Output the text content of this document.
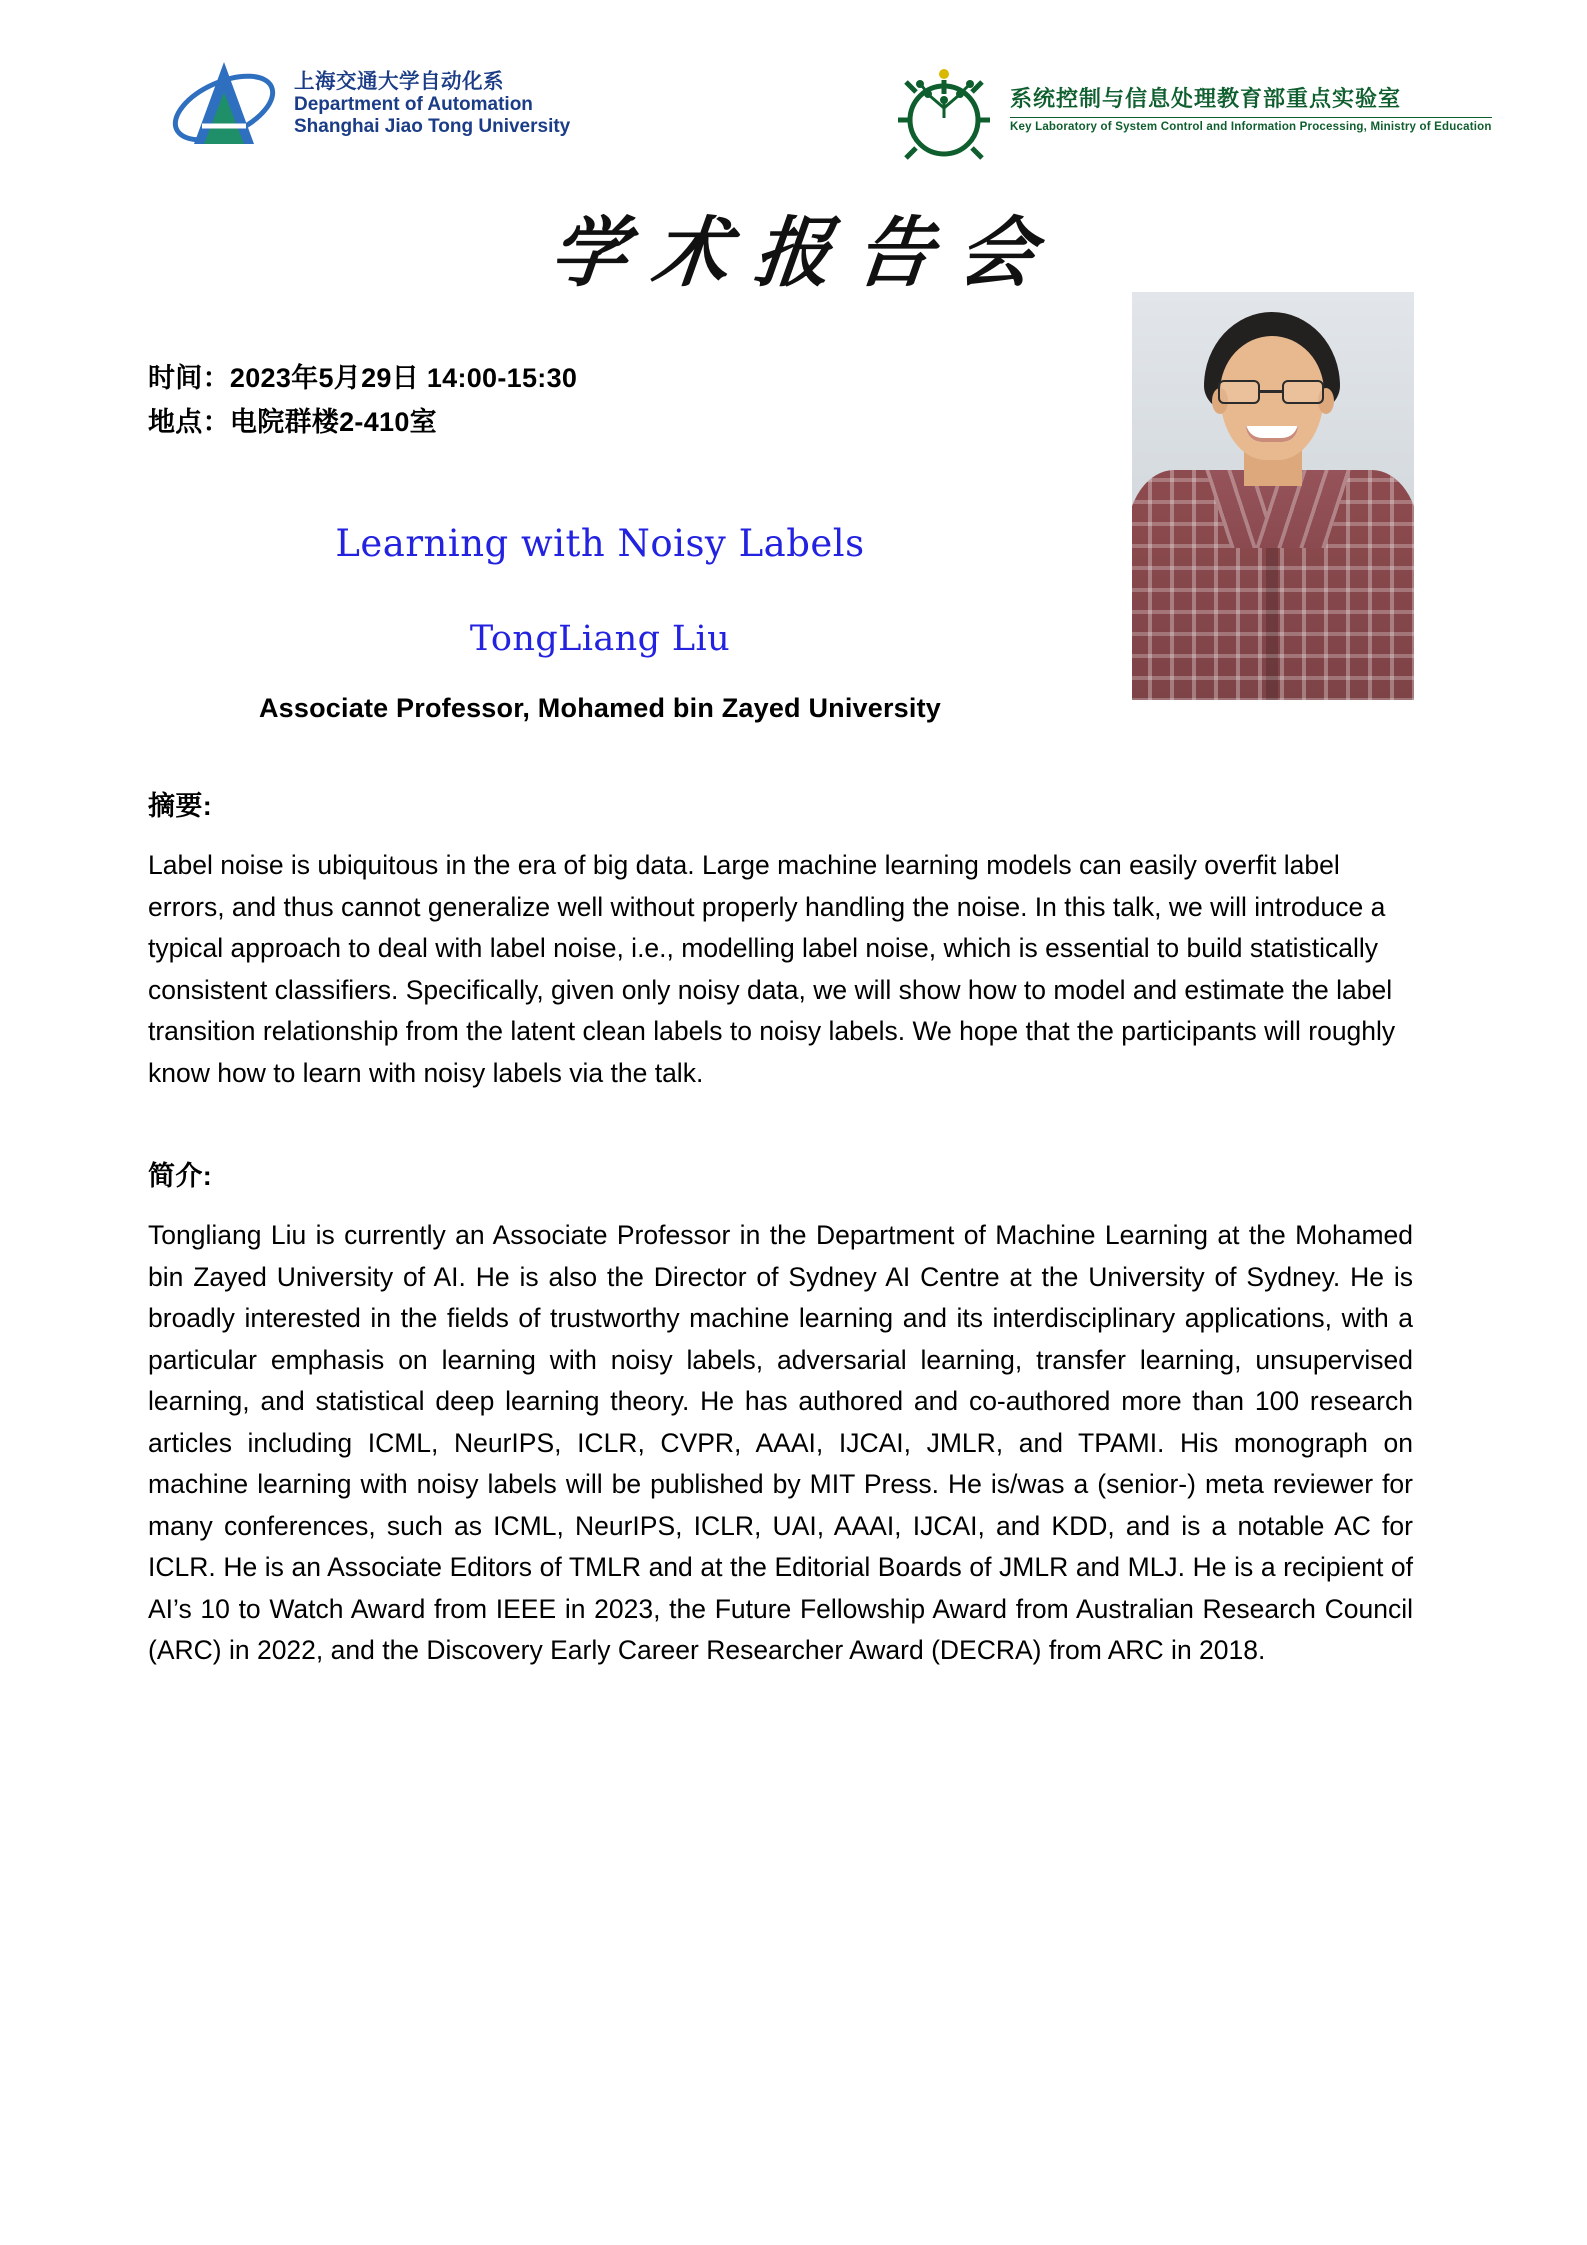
上海交通大学自动化系
Department of Automation
Shanghai Jiao Tong University
系统控制与信息处理教育部重点实验室
Key Laboratory of System Control and Information Processing, Ministry of Education
学术报告会
时间：2023年5月29日 14:00-15:30
地点：电院群楼2-410室
Learning with Noisy Labels
TongLiang Liu
Associate Professor, Mohamed bin Zayed University
摘要:
Label noise is ubiquitous in the era of big data. Large machine learning models can easily overfit label errors, and thus cannot generalize well without properly handling the noise. In this talk, we will introduce a typical approach to deal with label noise, i.e., modelling label noise, which is essential to build statistically consistent classifiers. Specifically, given only noisy data, we will show how to model and estimate the label transition relationship from the latent clean labels to noisy labels. We hope that the participants will roughly know how to learn with noisy labels via the talk.
简介:
Tongliang Liu is currently an Associate Professor in the Department of Machine Learning at the Mohamed bin Zayed University of AI. He is also the Director of Sydney AI Centre at the University of Sydney. He is broadly interested in the fields of trustworthy machine learning and its interdisciplinary applications, with a particular emphasis on learning with noisy labels, adversarial learning, transfer learning, unsupervised learning, and statistical deep learning theory. He has authored and co-authored more than 100 research articles including ICML, NeurIPS, ICLR, CVPR, AAAI, IJCAI, JMLR, and TPAMI. His monograph on machine learning with noisy labels will be published by MIT Press. He is/was a (senior-) meta reviewer for many conferences, such as ICML, NeurIPS, ICLR, UAI, AAAI, IJCAI, and KDD, and is a notable AC for ICLR. He is an Associate Editors of TMLR and at the Editorial Boards of JMLR and MLJ. He is a recipient of AI’s 10 to Watch Award from IEEE in 2023, the Future Fellowship Award from Australian Research Council (ARC) in 2022, and the Discovery Early Career Researcher Award (DECRA) from ARC in 2018.
